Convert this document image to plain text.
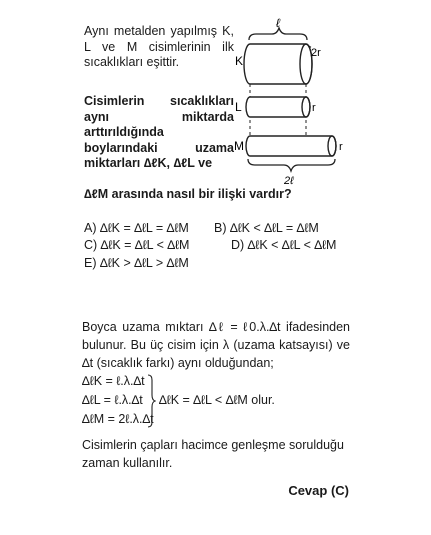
Aynı metalden yapılmış K, L ve M cisimlerinin ilk sıcaklıkları eşittir.
Cisimlerin sıcaklıkları aynı miktarda arttırıldığında boylarındaki uzama miktarları ∆ℓK, ∆ℓL ve
∆ℓM arasında nasıl bir ilişki vardır?
ℓ
K
2r
L	r
M	r
2ℓ
A) ∆ℓK = ∆ℓL = ∆ℓM B) ∆ℓK < ∆ℓL = ∆ℓM
C) ∆ℓK = ∆ℓL < ∆ℓM	D) ∆ℓK < ∆ℓL < ∆ℓM
E) ∆ℓK > ∆ℓL > ∆ℓM
Boyca uzama mıktarı ∆ℓ = ℓ0.λ.∆t ifadesinden bulunur. Bu üç cisim için λ (uzama katsayısı) ve ∆t (sıcaklık farkı) aynı olduğundan;
∆ℓK = ℓ.λ.∆t
∆ℓL = ℓ.λ.∆t
∆ℓM = 2ℓ.λ.∆t
∆ℓK = ∆ℓL < ∆ℓM olur.
Cisimlerin çapları hacimce genleşme sorulduğu zaman kullanılır.
Cevap (C)
